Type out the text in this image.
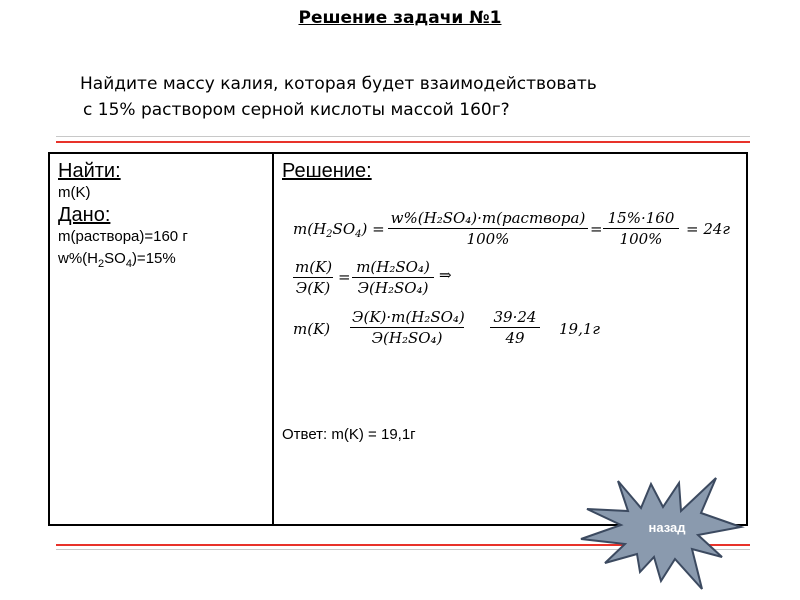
Решение задачи №1
Найдите массу калия, которая будет взаимодействовать
с 15% раствором серной кислоты массой 160г?
Найти:
m(K)
Дано:
m(раствора)=160 г
$w\%(H_2SO_4)=15\%$
Решение:
$m(H_2SO_4)$ =
w%(H₂SO₄)·m(раствора)
100%
= $\frac{15\%\cdot 160}{100\%} = 24г$
m(K)
Э(K)
=
m(H₂SO₄)
Э(H₂SO₄)
⇒
m(K)
Э(K)·m(H₂SO₄)
Э(H₂SO₄)	$\frac{39\cdot 24}{49} 19,1г$
Ответ: m(K) = 19,1г
назад
